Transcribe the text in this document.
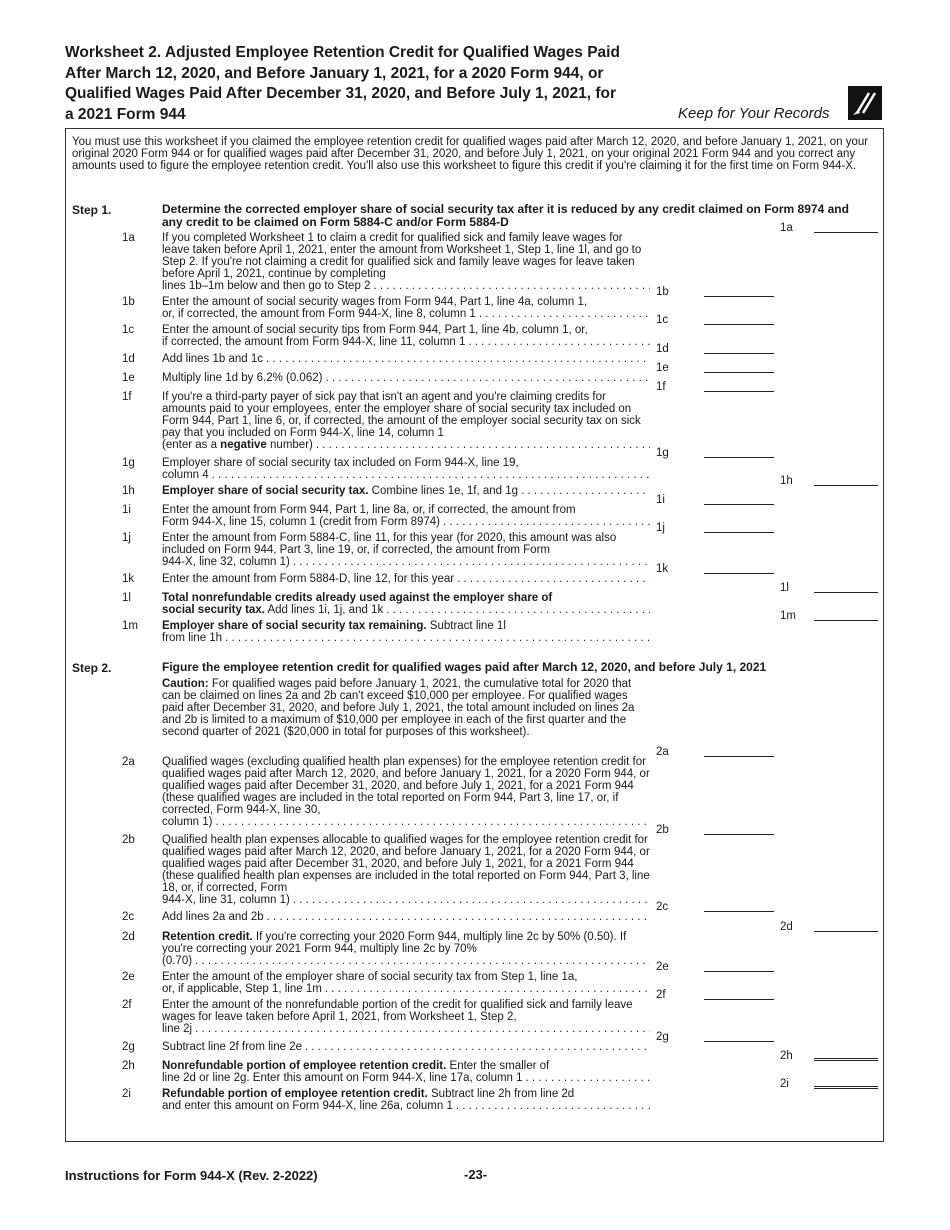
Worksheet 2. Adjusted Employee Retention Credit for Qualified Wages Paid After March 12, 2020, and Before January 1, 2021, for a 2020 Form 944, or Qualified Wages Paid After December 31, 2020, and Before July 1, 2021, for a 2021 Form 944	Keep for Your Records
You must use this worksheet if you claimed the employee retention credit for qualified wages paid after March 12, 2020, and before January 1, 2021, on your original 2020 Form 944 or for qualified wages paid after December 31, 2020, and before July 1, 2021, on your original 2021 Form 944 and you correct any amounts used to figure the employee retention credit. You'll also use this worksheet to figure this credit if you're claiming it for the first time on Form 944-X.
Step 1.	Determine the corrected employer share of social security tax after it is reduced by any credit claimed on Form 8974 and any credit to be claimed on Form 5884-C and/or Form 5884-D
1a If you completed Worksheet 1 to claim a credit for qualified sick and family leave wages for leave taken before April 1, 2021, enter the amount from Worksheet 1, Step 1, line 1l, and go to Step 2. If you're not claiming a credit for qualified sick and family leave wages for leave taken before April 1, 2021, continue by completing
lines 1b–1m below and then go to Step 2
. . .
1a
1b Enter the amount of social security wages from Form 944, Part 1, line 4a, column 1,
or, if corrected, the amount from Form 944-X, line 8, column 1
. . .
1b
1c Enter the amount of social security tips from Form 944, Part 1, line 4b, column 1, or,
if corrected, the amount from Form 944-X, line 11, column 1
. . .
1c
1d Add lines 1b and 1c
. . .
1d
1e Multiply line 1d by 6.2% (0.062)
. . .
1e
1f	If you're a third-party payer of sick pay that isn't an agent and you're claiming credits for amounts paid to your employees, enter the employer share of social security tax included on Form 944, Part 1, line 6, or, if corrected, the amount of the employer social security tax on sick pay that you included on Form 944-X, line 14, column 1
(enter as a negative number)
. . .
1f
1g Employer share of social security tax included on Form 944-X, line 19,
column 4
. . .
1g
1h Employer share of social security tax. Combine lines 1e, 1f, and 1g
. . .
1h
1i	Enter the amount from Form 944, Part 1, line 8a, or, if corrected, the amount from
Form 944-X, line 15, column 1 (credit from Form 8974)
. . .
1i
1j	Enter the amount from Form 5884-C, line 11, for this year (for 2020, this amount was also included on Form 944, Part 3, line 19, or, if corrected, the amount from Form
944-X, line 32, column 1)
. . .
1j
1k Enter the amount from Form 5884-D, line 12, for this year
. . .
1k
1l	Total nonrefundable credits already used against the employer share of
social security tax. Add lines 1i, 1j, and 1k
. . .
1l
1m Employer share of social security tax remaining. Subtract line 1l
from line 1h
. . .
1m
Step 2.	Figure the employee retention credit for qualified wages paid after March 12, 2020, and before July 1, 2021
Caution: For qualified wages paid before January 1, 2021, the cumulative total for 2020 that can be claimed on lines 2a and 2b can't exceed $10,000 per employee. For qualified wages paid after December 31, 2020, and before July 1, 2021, the total amount included on lines 2a and 2b is limited to a maximum of $10,000 per employee in each of the first quarter and the second quarter of 2021 ($20,000 in total for purposes of this worksheet).
2a Qualified wages (excluding qualified health plan expenses) for the employee retention credit for qualified wages paid after March 12, 2020, and before January 1, 2021, for a 2020 Form 944, or qualified wages paid after December 31, 2020, and before July 1, 2021, for a 2021 Form 944 (these qualified wages are included in the total reported on Form 944, Part 3, line 17, or, if corrected, Form 944-X, line 30,
column 1)
. . .
2a
2b Qualified health plan expenses allocable to qualified wages for the employee retention credit for qualified wages paid after March 12, 2020, and before January 1, 2021, for a 2020 Form 944, or qualified wages paid after December 31, 2020, and before July 1, 2021, for a 2021 Form 944 (these qualified health plan expenses are included in the total reported on Form 944, Part 3, line 18, or, if corrected, Form
944-X, line 31, column 1)
. . .
2b
2c Add lines 2a and 2b
. . .
2c
2d Retention credit. If you're correcting your 2020 Form 944, multiply line 2c by 50% (0.50). If you're correcting your 2021 Form 944, multiply line 2c by 70%
(0.70)
. . .
2d
2e Enter the amount of the employer share of social security tax from Step 1, line 1a,
or, if applicable, Step 1, line 1m
. . .
2e
2f	Enter the amount of the nonrefundable portion of the credit for qualified sick and family leave wages for leave taken before April 1, 2021, from Worksheet 1, Step 2,
line 2j
. . .
2f
2g Subtract line 2f from line 2e
. . .
2g
2h Nonrefundable portion of employee retention credit. Enter the smaller of
line 2d or line 2g. Enter this amount on Form 944-X, line 17a, column 1
. . .
2h
2i	Refundable portion of employee retention credit. Subtract line 2h from line 2d
and enter this amount on Form 944-X, line 26a, column 1
. . .
2i
Instructions for Form 944-X (Rev. 2-2022)	-23-
